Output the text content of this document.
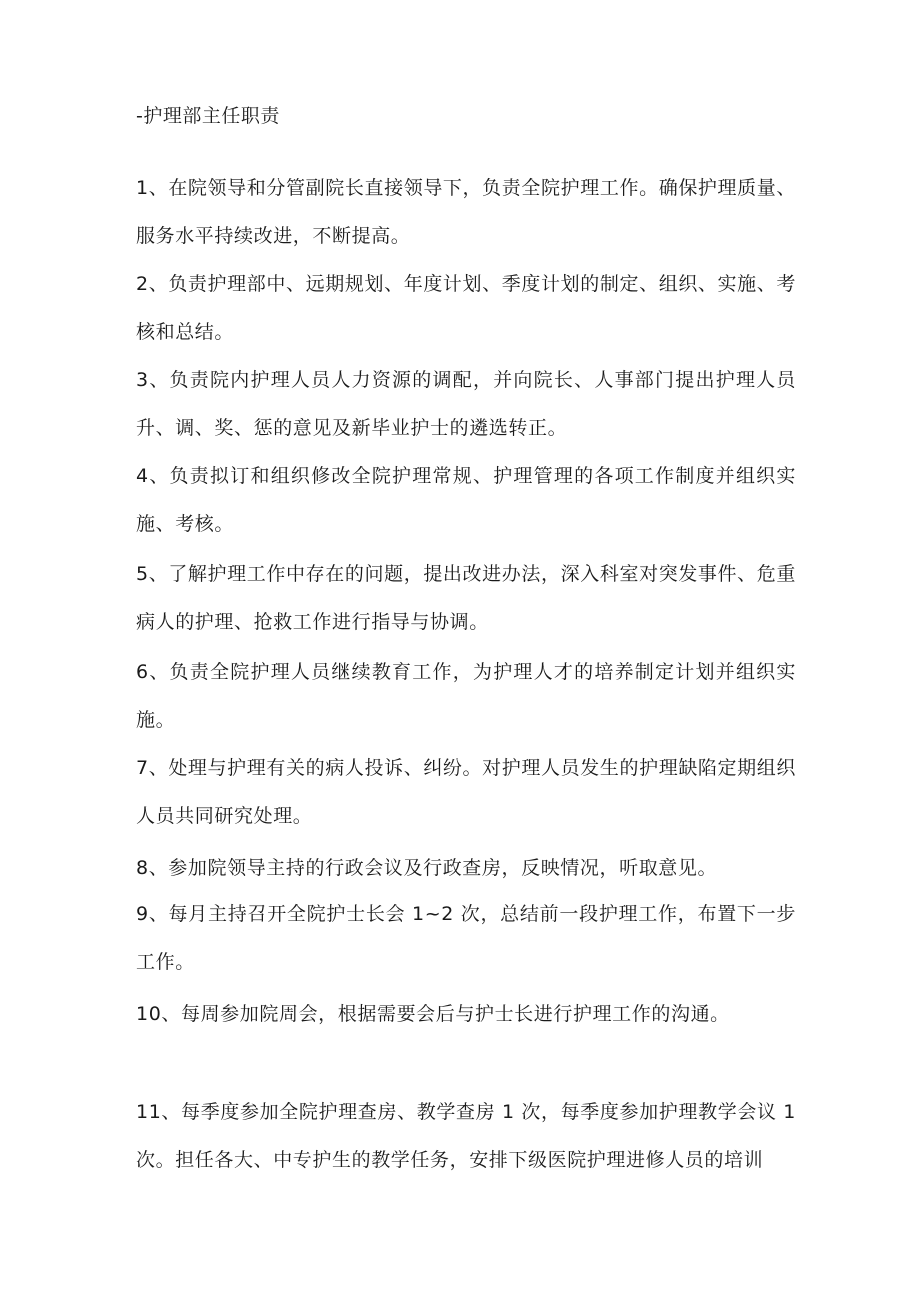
-护理部主任职责
1、在院领导和分管副院长直接领导下，负责全院护理工作。确保护理质量、服务水平持续改进，不断提高。
2、负责护理部中、远期规划、年度计划、季度计划的制定、组织、实施、考核和总结。
3、负责院内护理人员人力资源的调配，并向院长、人事部门提出护理人员升、调、奖、惩的意见及新毕业护士的遴选转正。
4、负责拟订和组织修改全院护理常规、护理管理的各项工作制度并组织实施、考核。
5、了解护理工作中存在的问题，提出改进办法，深入科室对突发事件、危重病人的护理、抢救工作进行指导与协调。
6、负责全院护理人员继续教育工作，为护理人才的培养制定计划并组织实施。
7、处理与护理有关的病人投诉、纠纷。对护理人员发生的护理缺陷定期组织人员共同研究处理。
8、参加院领导主持的行政会议及行政查房，反映情况，听取意见。
9、每月主持召开全院护士长会 1~2 次，总结前一段护理工作，布置下一步工作。
10、每周参加院周会，根据需要会后与护士长进行护理工作的沟通。
11、每季度参加全院护理查房、教学查房 1 次，每季度参加护理教学会议 1 次。担任各大、中专护生的教学任务，安排下级医院护理进修人员的培训
